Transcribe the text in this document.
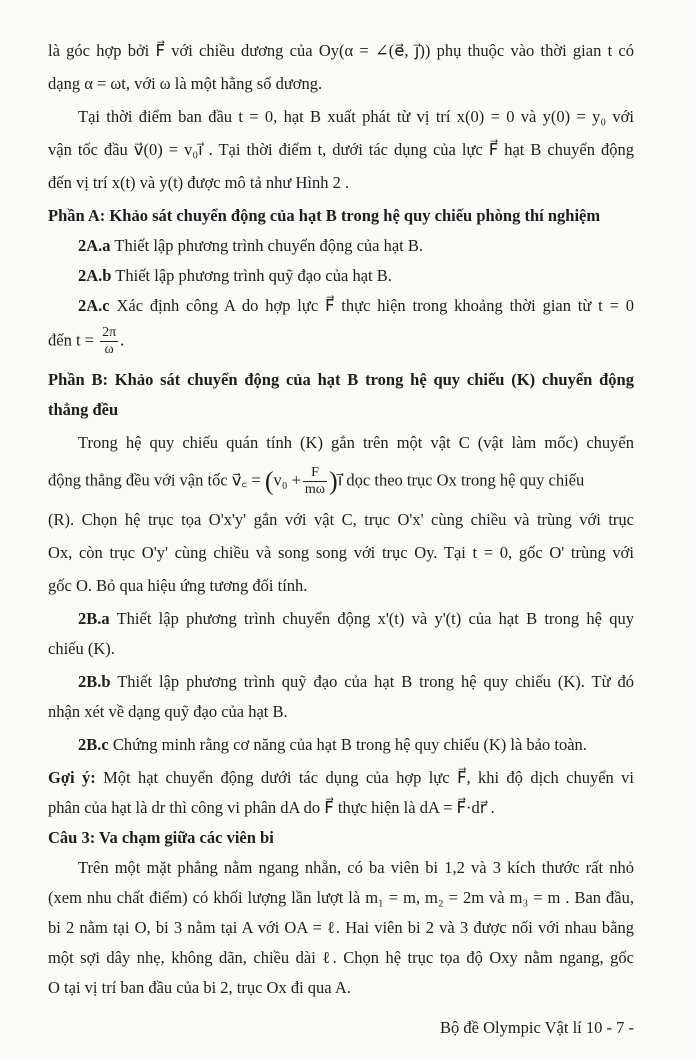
là góc hợp bởi F⃗ với chiều dương của Oy(α = ∠(e⃗, j⃗)) phụ thuộc vào thời gian t có
dạng α = ωt, với ω là một hằng số dương.
Tại thời điểm ban đầu t = 0, hạt B xuất phát từ vị trí x(0) = 0 và y(0) = y₀ với
vận tốc đầu v⃗(0) = v₀i⃗ . Tại thời điểm t, dưới tác dụng của lực F⃗ hạt B chuyển động
đến vị trí x(t) và y(t) được mô tả như Hình 2 .
Phần A: Khảo sát chuyển động của hạt B trong hệ quy chiếu phòng thí nghiệm
2A.a Thiết lập phương trình chuyển động của hạt B.
2A.b Thiết lập phương trình quỹ đạo của hạt B.
2A.c Xác định công A do hợp lực F⃗ thực hiện trong khoảng thời gian từ t = 0
đến $t = \frac{2\pi}{\omega}$ .
Phần B: Khảo sát chuyển động của hạt B trong hệ quy chiếu (K) chuyển động
thẳng đều
Trong hệ quy chiếu quán tính (K) gắn trên một vật C (vật làm mốc) chuyển
động thẳng đều với vận tốc v⃗꜀ = ($v_0 + \frac{F}{m\omega}$ )i⃗ dọc theo trục Ox trong hệ quy chiếu
(R). Chọn hệ trục tọa O'x'y' gắn với vật C, trục O'x' cùng chiều và trùng với trục
Ox, còn trục O'y' cùng chiều và song song với trục Oy. Tại t = 0, gốc O' trùng với
gốc O. Bỏ qua hiệu ứng tương đối tính.
2B.a Thiết lập phương trình chuyển động x'(t) và y'(t) của hạt B trong hệ quy
chiếu (K).
2B.b Thiết lập phương trình quỹ đạo của hạt B trong hệ quy chiếu (K). Từ đó
nhận xét về dạng quỹ đạo của hạt B.
2B.c Chứng minh rằng cơ năng của hạt B trong hệ quy chiếu (K) là bảo toàn.
Gợi ý: Một hạt chuyển động dưới tác dụng của hợp lực F⃗, khi độ dịch chuyển vi
phân của hạt là dr thì công vi phân dA do F⃗ thực hiện là dA = F⃗·dr⃗ .
Câu 3: Va chạm giữa các viên bi
Trên một mặt phẳng nằm ngang nhẵn, có ba viên bi 1,2 và 3 kích thước rất nhỏ
(xem nhu chất điểm) có khối lượng lần lượt là m₁ = m, m₂ = 2m và m₃ = m . Ban đầu,
bi 2 nằm tại O, bi 3 nằm tại A với OA = ℓ. Hai viên bi 2 và 3 được nối với nhau bằng
một sợi dây nhẹ, không dãn, chiều dài ℓ. Chọn hệ trục tọa độ Oxy nằm ngang, gốc
O tại vị trí ban đầu của bi 2, trục Ox đi qua A.
Bộ đề Olympic Vật lí 10 - 7 -
